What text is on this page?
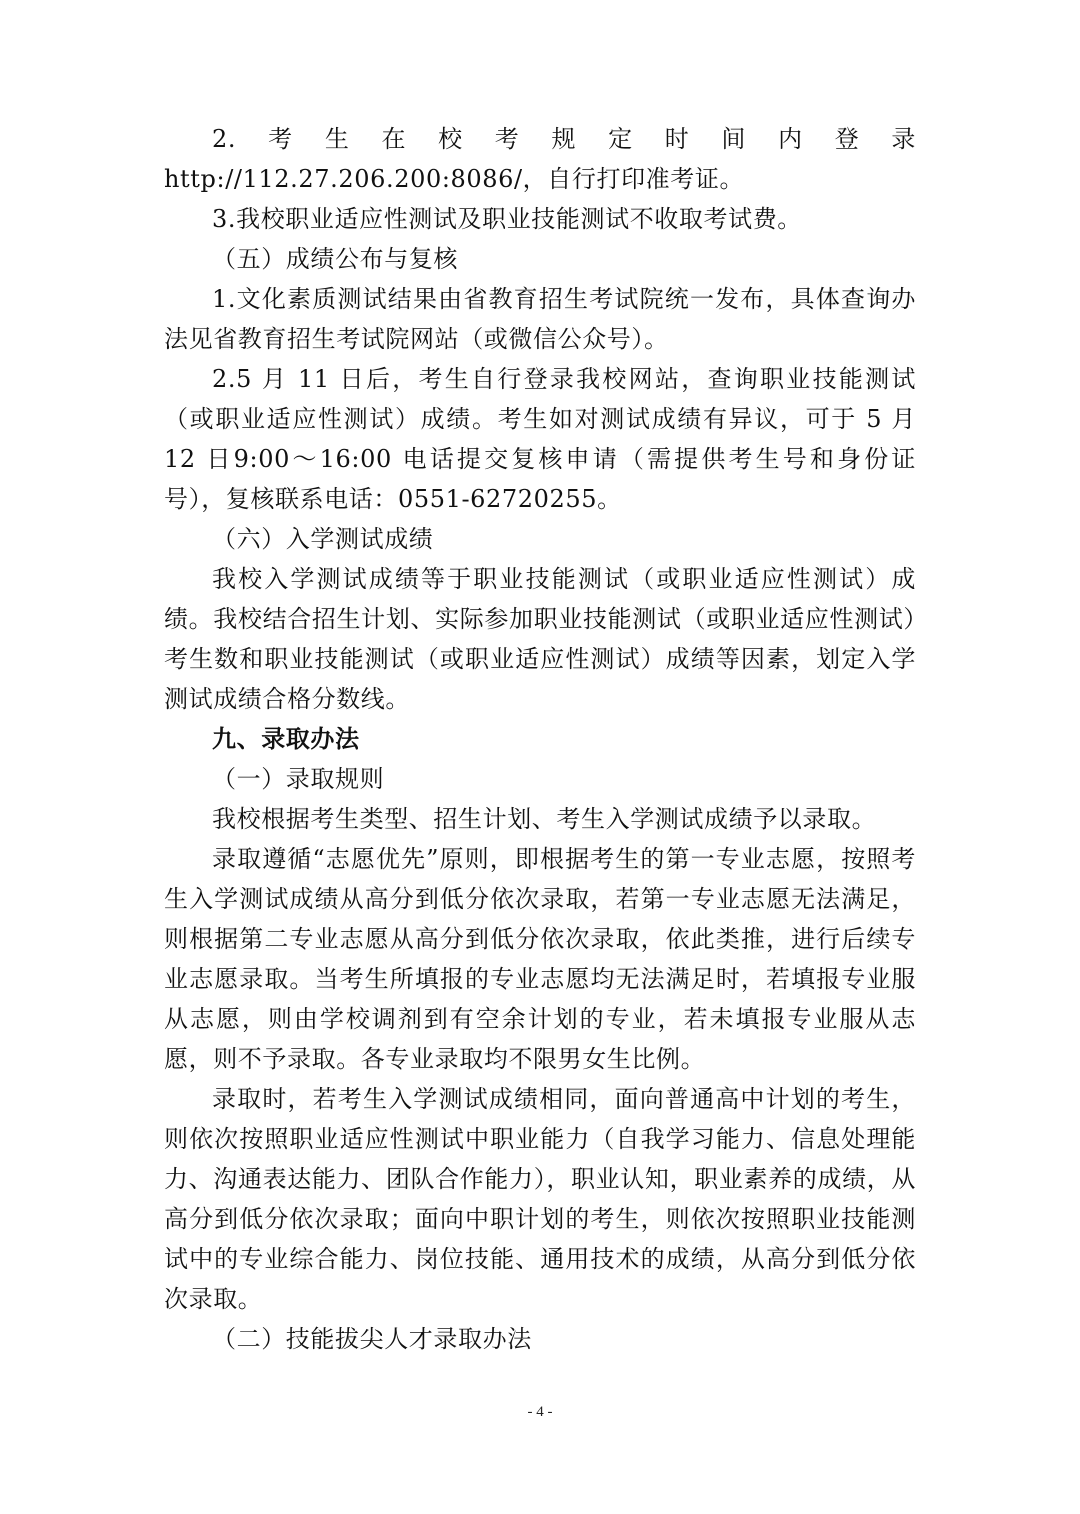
2.考生在校考规定时间内登录 http://112.27.206.200:8086/，自行打印准考证。

3.我校职业适应性测试及职业技能测试不收取考试费。

（五）成绩公布与复核

1.文化素质测试结果由省教育招生考试院统一发布，具体查询办法见省教育招生考试院网站（或微信公众号）。

2.5 月 11 日后，考生自行登录我校网站，查询职业技能测试（或职业适应性测试）成绩。考生如对测试成绩有异议，可于 5 月 12 日9:00～16:00 电话提交复核申请（需提供考生号和身份证号），复核联系电话：0551-62720255。

（六）入学测试成绩

我校入学测试成绩等于职业技能测试（或职业适应性测试）成绩。我校结合招生计划、实际参加职业技能测试（或职业适应性测试）考生数和职业技能测试（或职业适应性测试）成绩等因素，划定入学测试成绩合格分数线。

九、录取办法

（一）录取规则

我校根据考生类型、招生计划、考生入学测试成绩予以录取。

录取遵循“志愿优先”原则，即根据考生的第一专业志愿，按照考生入学测试成绩从高分到低分依次录取，若第一专业志愿无法满足，则根据第二专业志愿从高分到低分依次录取，依此类推，进行后续专业志愿录取。当考生所填报的专业志愿均无法满足时，若填报专业服从志愿，则由学校调剂到有空余计划的专业，若未填报专业服从志愿，则不予录取。各专业录取均不限男女生比例。

录取时，若考生入学测试成绩相同，面向普通高中计划的考生，则依次按照职业适应性测试中职业能力（自我学习能力、信息处理能力、沟通表达能力、团队合作能力），职业认知，职业素养的成绩，从高分到低分依次录取；面向中职计划的考生，则依次按照职业技能测试中的专业综合能力、岗位技能、通用技术的成绩，从高分到低分依次录取。

（二）技能拔尖人才录取办法

- 4 -
